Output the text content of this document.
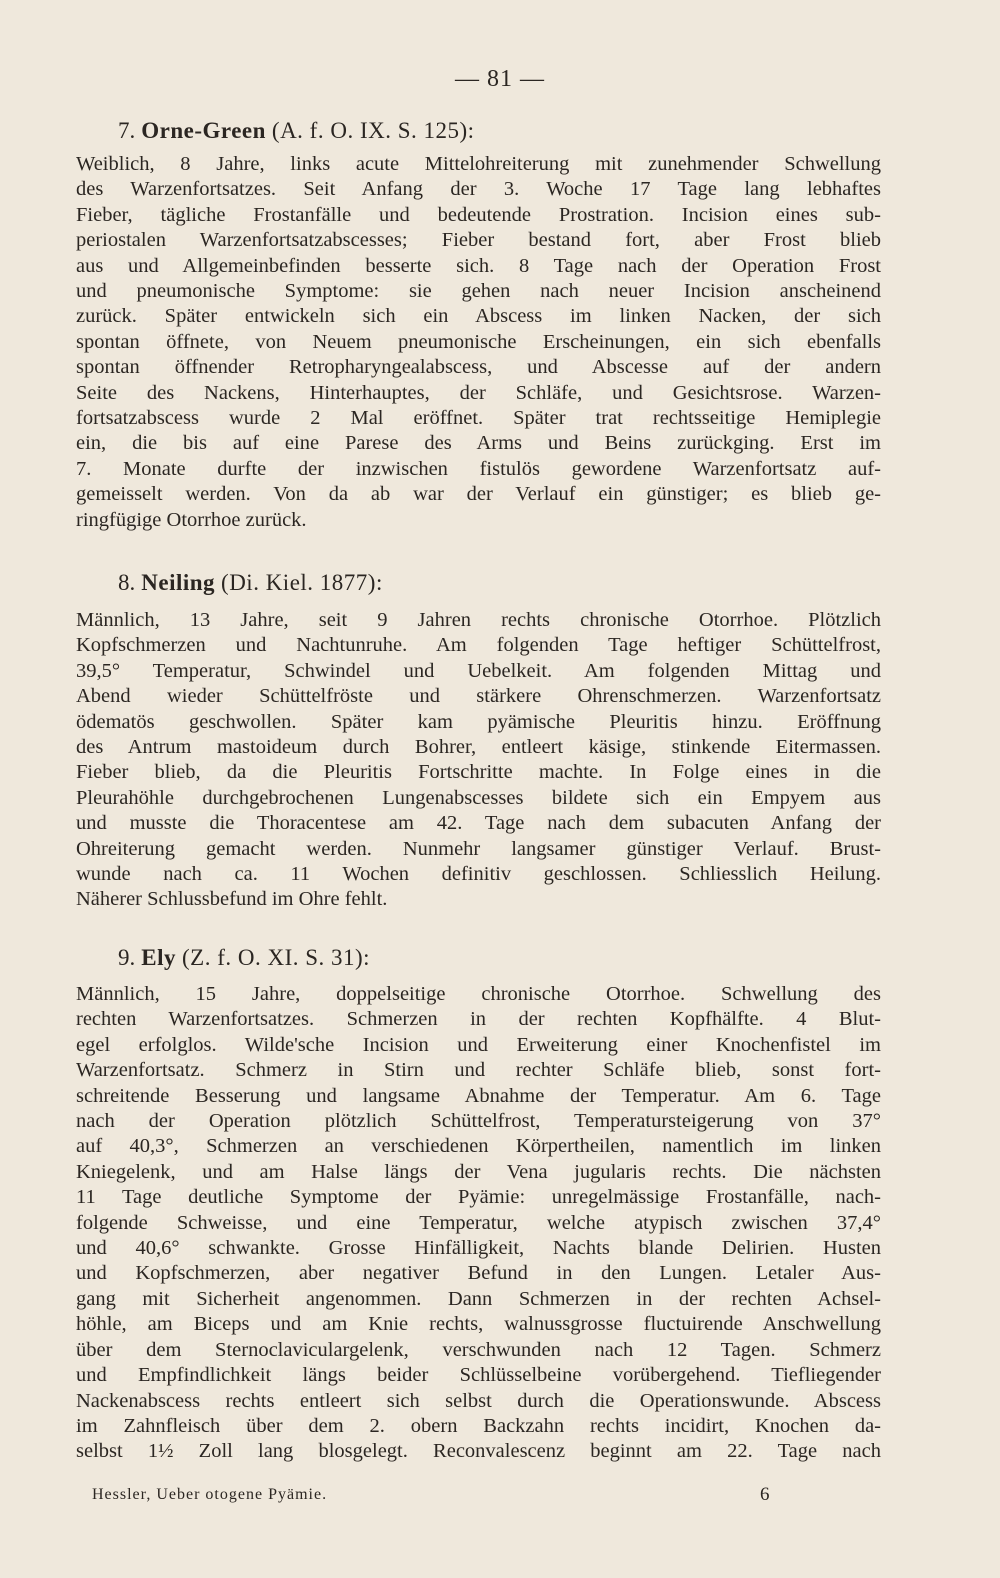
— 81 —
7. Orne-Green (A. f. O. IX. S. 125):
Weiblich, 8 Jahre, links acute Mittelohreiterung mit zunehmender Schwellung
des Warzenfortsatzes. Seit Anfang der 3. Woche 17 Tage lang lebhaftes
Fieber, tägliche Frostanfälle und bedeutende Prostration. Incision eines sub-
periostalen Warzenfortsatzabscesses; Fieber bestand fort, aber Frost blieb
aus und Allgemeinbefinden besserte sich. 8 Tage nach der Operation Frost
und pneumonische Symptome: sie gehen nach neuer Incision anscheinend
zurück. Später entwickeln sich ein Abscess im linken Nacken, der sich
spontan öffnete, von Neuem pneumonische Erscheinungen, ein sich ebenfalls
spontan öffnender Retropharyngealabscess, und Abscesse auf der andern
Seite des Nackens, Hinterhauptes, der Schläfe, und Gesichtsrose. Warzen-
fortsatzabscess wurde 2 Mal eröffnet. Später trat rechtsseitige Hemiplegie
ein, die bis auf eine Parese des Arms und Beins zurückging. Erst im
7. Monate durfte der inzwischen fistulös gewordene Warzenfortsatz auf-
gemeisselt werden. Von da ab war der Verlauf ein günstiger; es blieb ge-
ringfügige Otorrhoe zurück.
8. Neiling (Di. Kiel. 1877):
Männlich, 13 Jahre, seit 9 Jahren rechts chronische Otorrhoe. Plötzlich
Kopfschmerzen und Nachtunruhe. Am folgenden Tage heftiger Schüttelfrost,
39,5° Temperatur, Schwindel und Uebelkeit. Am folgenden Mittag und
Abend wieder Schüttelfröste und stärkere Ohrenschmerzen. Warzenfortsatz
ödematös geschwollen. Später kam pyämische Pleuritis hinzu. Eröffnung
des Antrum mastoideum durch Bohrer, entleert käsige, stinkende Eitermassen.
Fieber blieb, da die Pleuritis Fortschritte machte. In Folge eines in die
Pleurahöhle durchgebrochenen Lungenabscesses bildete sich ein Empyem aus
und musste die Thoracentese am 42. Tage nach dem subacuten Anfang der
Ohreiterung gemacht werden. Nunmehr langsamer günstiger Verlauf. Brust-
wunde nach ca. 11 Wochen definitiv geschlossen. Schliesslich Heilung.
Näherer Schlussbefund im Ohre fehlt.
9. Ely (Z. f. O. XI. S. 31):
Männlich, 15 Jahre, doppelseitige chronische Otorrhoe. Schwellung des
rechten Warzenfortsatzes. Schmerzen in der rechten Kopfhälfte. 4 Blut-
egel erfolglos. Wilde'sche Incision und Erweiterung einer Knochenfistel im
Warzenfortsatz. Schmerz in Stirn und rechter Schläfe blieb, sonst fort-
schreitende Besserung und langsame Abnahme der Temperatur. Am 6. Tage
nach der Operation plötzlich Schüttelfrost, Temperatursteigerung von 37°
auf 40,3°, Schmerzen an verschiedenen Körpertheilen, namentlich im linken
Kniegelenk, und am Halse längs der Vena jugularis rechts. Die nächsten
11 Tage deutliche Symptome der Pyämie: unregelmässige Frostanfälle, nach-
folgende Schweisse, und eine Temperatur, welche atypisch zwischen 37,4°
und 40,6° schwankte. Grosse Hinfälligkeit, Nachts blande Delirien. Husten
und Kopfschmerzen, aber negativer Befund in den Lungen. Letaler Aus-
gang mit Sicherheit angenommen. Dann Schmerzen in der rechten Achsel-
höhle, am Biceps und am Knie rechts, walnussgrosse fluctuirende Anschwellung
über dem Sternoclaviculargelenk, verschwunden nach 12 Tagen. Schmerz
und Empfindlichkeit längs beider Schlüsselbeine vorübergehend. Tiefliegender
Nackenabscess rechts entleert sich selbst durch die Operationswunde. Abscess
im Zahnfleisch über dem 2. obern Backzahn rechts incidirt, Knochen da-
selbst 1½ Zoll lang blosgelegt. Reconvalescenz beginnt am 22. Tage nach
Hessler, Ueber otogene Pyämie.	6
